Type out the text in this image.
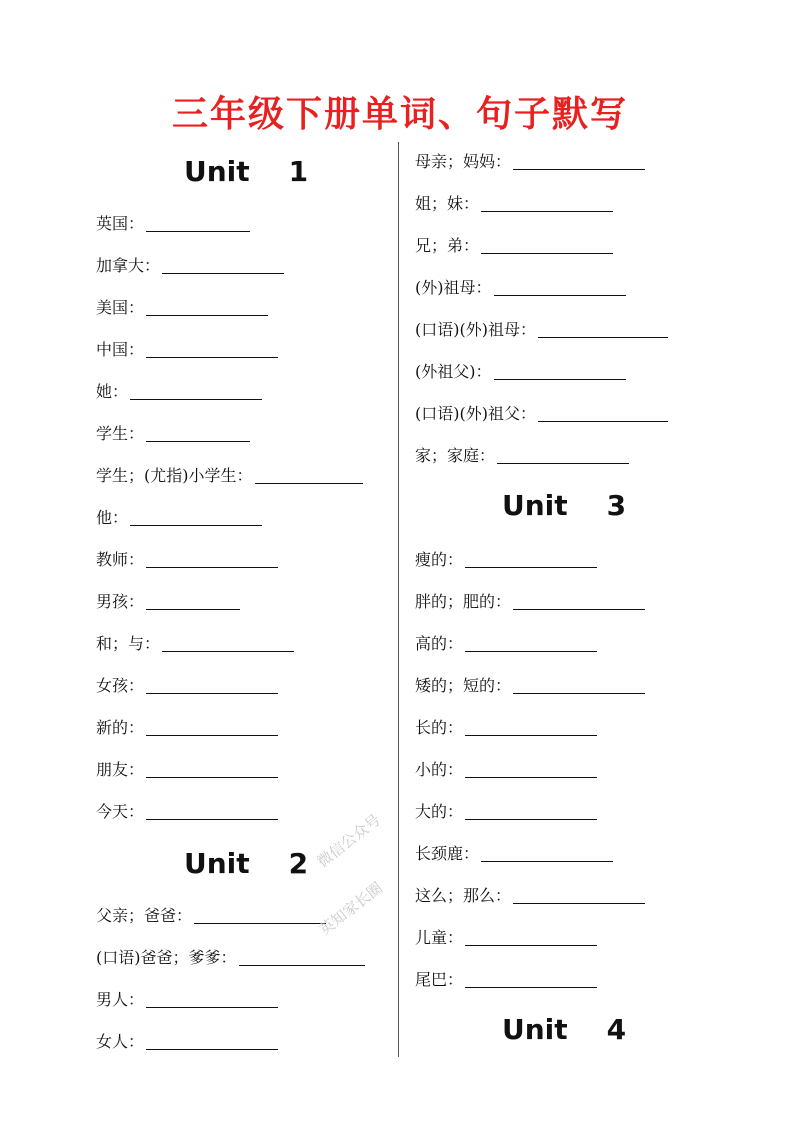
三年级下册单词、句子默写
Unit    1
英国：
加拿大：
美国：
中国：
她：
学生：
学生；(尤指)小学生：
他：
教师：
男孩：
和；与：
女孩：
新的：
朋友：
今天：
Unit    2
父亲；爸爸：
(口语)爸爸；爹爹：
男人：
女人：
母亲；妈妈：
姐；妹：
兄；弟：
(外)祖母：
(口语)(外)祖母：
(外祖父)：
(口语)(外)祖父：
家；家庭：
Unit    3
瘦的：
胖的；肥的：
高的：
矮的；短的：
长的：
小的：
大的：
长颈鹿：
这么；那么：
儿童：
尾巴：
Unit    4
微信公众号
英知家长圈
